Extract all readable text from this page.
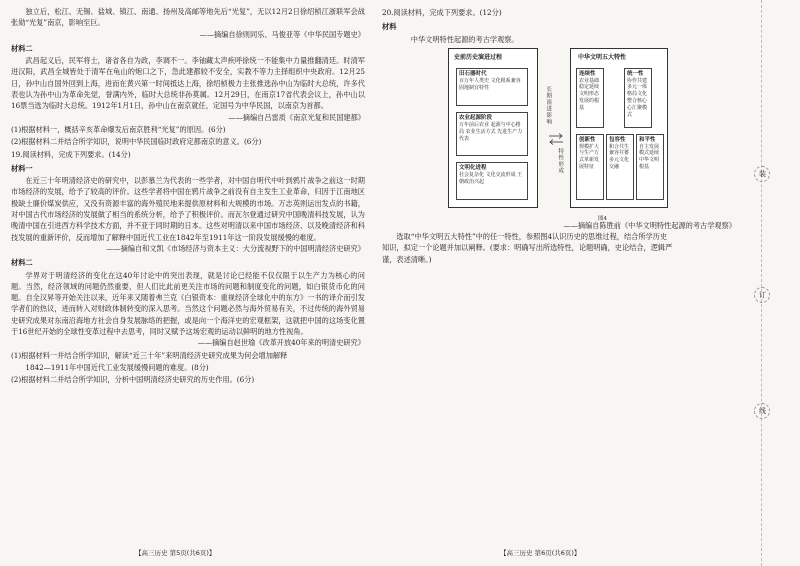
独立后，松江、无锡、盐城、镇江、南通、扬州及高邮等地先后“光复”，无以12月2日徐绍桢江浙联军会战张勋“光复”南京，影响至巨。

——摘编自徐则同乐、马俊亚等《中华民国专题史》

材料二

武昌起义后，民军将士，诸省各自为政，李调不一。李铀藏太声疾呼徐统一不能集中力量推翻清廷。时清军进汉阳，武昌全城皆处于清军在龟山的炮口之下，急此建都较不安全，实教不等力主择组织中央政府。12月25日，孙中山自国外回到上海，进而在黄兴第一时间抵达上海，徐绍桢极力主张推选孙中山为临时大总统，许多代表也认为孙中山为革命先觉，誉满内外，临时大总统非孙莫属。12月29日，在南京17省代表会议上，孙中山以16票当选为临时大总统。1912年1月1日，孙中山在南京就任，定国号为中华民国，以南京为首都。

——摘编自吕雷质《南京光复和民国建都》

(1)根据材料一，概括辛亥革命爆发后南京胜利“光复”的原因。(6分)

(2)根据材料二并结合所学知识，说明中华民国临时政府定都南京的意义。(6分)

19.阅读材料，完成下列要求。(14分)

材料一

在近三十年明清经济史的研究中，以彭慕兰为代表的一些学者，对中国自明代中叶到鸦片战争之前这一时期市场经济的发展，给予了较高的评价。这些学者将中国在鸦片战争之前没有自主发生工业革命，归因于江南地区极缺土廉价煤炭供应，又没有资源丰富的海外殖民地来提供原材料和大规模的市场。万志英则运出发点的书籍，对中国古代市场经济的发展做了相当的系统分析，给予了积极评价。而瓦尔登通过研究中国晚清科技发展，认为晚清中国在引进西方科学技术方面，并不亚于同时期的日本。这些对明清以来中国市场经济、以及晚清经济和科技发展的重新评价，反而增加了解释中国近代工业在1842年至1911年这一阶段发展缓慢的难度。

——摘编自和文凯《市场经济与资本主义：大分流视野下的中国明清经济史研究》

材料二

学界对于明清经济的变化在这40年讨论中的突出表现，就是讨论已经能不仅仅限于以生产力为核心的问题。当然，经济领域的问题仍然重要，但人们比此前更关注市场的问题和制度变化的问题，如白银货币化的问题。自全汉昇等开始关注以来，近年来又随着弗兰克《白银资本：重视经济全球化中的东方》一书的译介而引发学者们的热议，进而转入对财政体制转变的深入思考。当然这个问题必然与海外贸易有关，不过传统的海外贸易史研究成果对东南沿海地方社会自身发展脉络的把握，或是向一个海洋史的宏观框架，这就把中国的这场变化置于16世纪开始的全球性变革过程中去思考，同时又赋予这场宏观的运动以鲜明的地方性视角。

——摘编自赵世瑜《改革开放40年来的明清史研究》

(1)根据材料一并结合所学知识，解读“近三十年”来明清经济史研究成果为何会增加解释

1842—1911年中国近代工业发展缓慢问题的难度。(8分)

(2)根据材料二并结合所学知识，分析中国明清经济史研究的历史作用。(6分)

【高三历史 第5页(共6页)】

20.阅读材料，完成下列要求。(12分)

材料

中华文明特性起源的考古学观察。

史前历史演进过程
旧石器时代
百万年人类史 文化根系兼容 固地制宜特性
农业起源阶段
万年前后农业 起源与中心格局 农业生活方式 先进生产力代表
文明化进程
社会复杂化 文化交流形成 王朝政治兴起
长期演进影响
特性形成
中华文明五大特性
连续性
农业基础稳定延续文明形态发展的根基
统一性
协作共建多元一体格局文化整合核心心汇聚模式
创新性
规模扩大与生产方式革新发展特征
包容性
和合共生兼容并蓄多元文化交融
和平性
自主发展模式延续中华文明根基
图4

——摘编自陈胜前《中华文明特性起源的考古学观察》

选取“中华文明五大特性”中的任一特性，参照图4认识历史的思维过程，结合所学历史

知识，拟定一个论题并加以阐释。(要求：明确写出所选特性，论题明确，史论结合，逻辑严

谨，表述清晰。)

【高三历史 第6页(共6页)】
装
订
线
